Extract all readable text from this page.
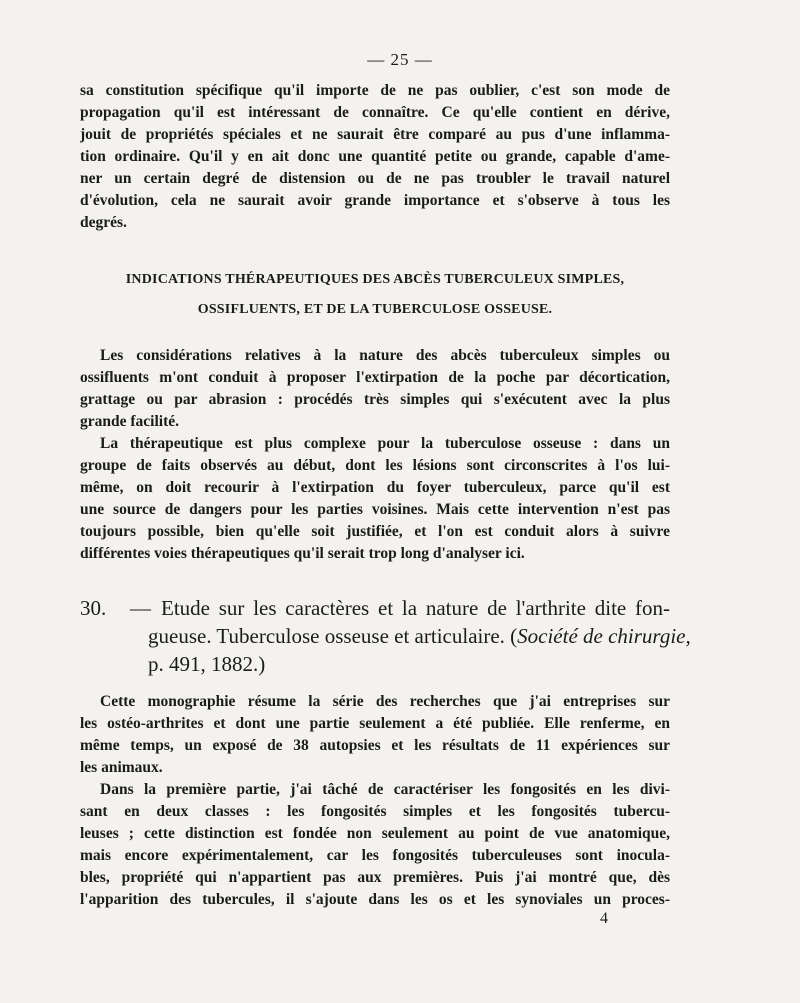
— 25 —

sa constitution spécifique qu'il importe de ne pas oublier, c'est son mode de

propagation qu'il est intéressant de connaître. Ce qu'elle contient en dérive,

jouit de propriétés spéciales et ne saurait être comparé au pus d'une inflamma-

tion ordinaire. Qu'il y en ait donc une quantité petite ou grande, capable d'ame-

ner un certain degré de distension ou de ne pas troubler le travail naturel

d'évolution, cela ne saurait avoir grande importance et s'observe à tous les

degrés.

INDICATIONS THÉRAPEUTIQUES DES ABCÈS TUBERCULEUX SIMPLES,

OSSIFLUENTS, ET DE LA TUBERCULOSE OSSEUSE.

Les considérations relatives à la nature des abcès tuberculeux simples ou

ossifluents m'ont conduit à proposer l'extirpation de la poche par décortication,

grattage ou par abrasion : procédés très simples qui s'exécutent avec la plus

grande facilité.

La thérapeutique est plus complexe pour la tuberculose osseuse : dans un

groupe de faits observés au début, dont les lésions sont circonscrites à l'os lui-

même, on doit recourir à l'extirpation du foyer tuberculeux, parce qu'il est

une source de dangers pour les parties voisines. Mais cette intervention n'est pas

toujours possible, bien qu'elle soit justifiée, et l'on est conduit alors à suivre

différentes voies thérapeutiques qu'il serait trop long d'analyser ici.

30.	— Etude sur les caractères et la nature de l'arthrite dite fon-
gueuse. Tuberculose osseuse et articulaire. ( Société de chirurgie,
p. 491, 1882.)

Cette monographie résume la série des recherches que j'ai entreprises sur

les ostéo-arthrites et dont une partie seulement a été publiée. Elle renferme, en

même temps, un exposé de 38 autopsies et les résultats de 11 expériences sur

les animaux.

Dans la première partie, j'ai tâché de caractériser les fongosités en les divi-

sant en deux classes : les fongosités simples et les fongosités tubercu-

leuses ; cette distinction est fondée non seulement au point de vue anatomique,

mais encore expérimentalement, car les fongosités tuberculeuses sont inocula-

bles, propriété qui n'appartient pas aux premières. Puis j'ai montré que, dès

l'apparition des tubercules, il s'ajoute dans les os et les synoviales un proces-

4
